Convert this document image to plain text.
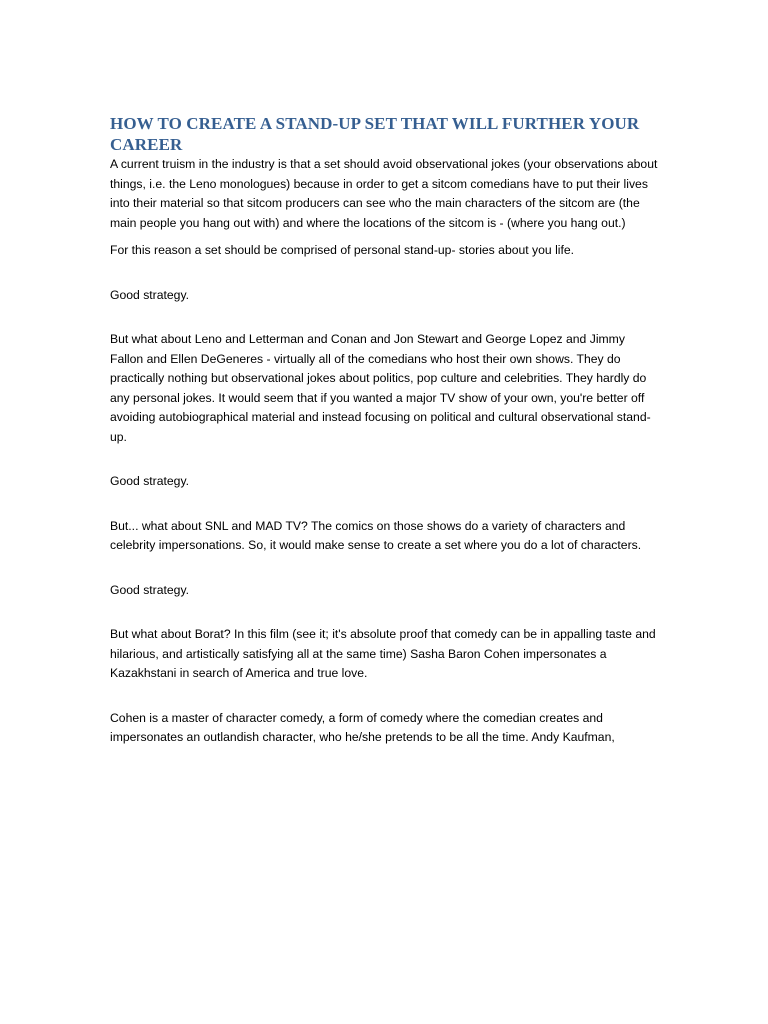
HOW TO CREATE A STAND-UP SET THAT WILL FURTHER YOUR CAREER

A current truism in the industry is that a set should avoid observational jokes (your observations about things, i.e. the Leno monologues) because in order to get a sitcom comedians have to put their lives into their material so that sitcom producers can see who the main characters of the sitcom are (the main people you hang out with) and where the locations of the sitcom is - (where you hang out.)

For this reason a set should be comprised of personal stand-up- stories about you life.

Good strategy.

But what about Leno and Letterman and Conan and Jon Stewart and George Lopez and Jimmy Fallon and Ellen DeGeneres - virtually all of the comedians who host their own shows. They do practically nothing but observational jokes about politics, pop culture and celebrities. They hardly do any personal jokes. It would seem that if you wanted a major TV show of your own, you're better off avoiding autobiographical material and instead focusing on political and cultural observational stand-up.

Good strategy.

But... what about SNL and MAD TV? The comics on those shows do a variety of characters and celebrity impersonations. So, it would make sense to create a set where you do a lot of characters.

Good strategy.

But what about Borat? In this film (see it; it's absolute proof that comedy can be in appalling taste and hilarious, and artistically satisfying all at the same time) Sasha Baron Cohen impersonates a Kazakhstani in search of America and true love.

Cohen is a master of character comedy, a form of comedy where the comedian creates and impersonates an outlandish character, who he/she pretends to be all the time. Andy Kaufman,
